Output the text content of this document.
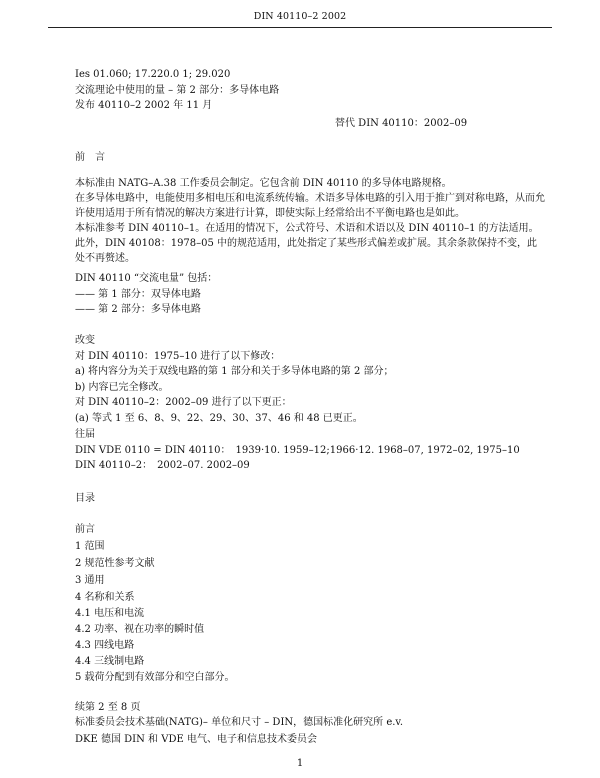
DIN 40110–2 2002
Ies 01.060; 17.220.0 1; 29.020
交流理论中使用的量 – 第 2 部分：多导体电路
发布 40110–2 2002 年 11 月
替代 DIN 40110：2002–09
前　言
本标准由 NATG–A.38 工作委员会制定。它包含前 DIN 40110 的多导体电路规格。
在多导体电路中，电能使用多相电压和电流系统传输。术语多导体电路的引入用于推广到对称电路，从而允许使用适用于所有情况的解决方案进行计算，即使实际上经常给出不平衡电路也是如此。
本标准参考 DIN 40110–1。在适用的情况下，公式符号、术语和术语以及 DIN 40110–1 的方法适用。此外，DIN 40108：1978–05 中的规范适用，此处指定了某些形式偏差或扩展。其余条款保持不变，此处不再赘述。
DIN 40110 “交流电量” 包括：
—— 第 1 部分：双导体电路
—— 第 2 部分：多导体电路
改变
对 DIN 40110：1975–10 进行了以下修改：
a) 将内容分为关于双线电路的第 1 部分和关于多导体电路的第 2 部分；
b) 内容已完全修改。
对 DIN 40110–2：2002–09 进行了以下更正：
(a) 等式 1 至 6、8、9、22、29、30、37、46 和 48 已更正。
往届
DIN VDE 0110 = DIN 40110：　1939·10. 1959–12;1966·12. 1968–07, 1972–02, 1975–10
DIN 40110–2：　2002–07. 2002–09
目录
前言
1 范围
2 规范性参考文献
3 通用
4 名称和关系
4.1 电压和电流
4.2 功率、视在功率的瞬时值
4.3 四线电路
4.4 三线制电路
5 载荷分配到有效部分和空白部分。
续第 2 至 8 页
标准委员会技术基础(NATG)– 单位和尺寸 – DIN，德国标准化研究所 e.v.
DKE 德国 DIN 和 VDE 电气、电子和信息技术委员会
1
